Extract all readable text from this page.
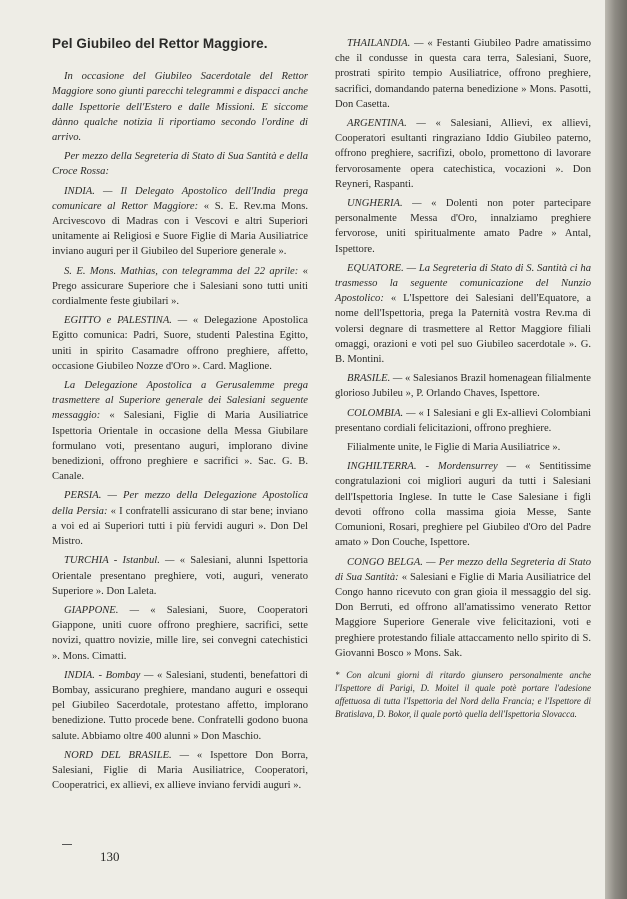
Pel Giubileo del Rettor Maggiore.

In occasione del Giubileo Sacerdotale del Rettor Maggiore sono giunti parecchi telegrammi e dispacci anche dalle Ispettorie dell'Estero e dalle Missioni. E siccome dànno qualche notizia li riportiamo secondo l'ordine di arrivo.

Per mezzo della Segreteria di Stato di Sua Santità e della Croce Rossa:

INDIA. — Il Delegato Apostolico dell'India prega comunicare al Rettor Maggiore: « S. E. Rev.ma Mons. Arcivescovo di Madras con i Vescovi e altri Superiori unitamente ai Religiosi e Suore Figlie di Maria Ausiliatrice inviano auguri per il Giubileo del Superiore generale ».

S. E. Mons. Mathias, con telegramma del 22 aprile: « Prego assicurare Superiore che i Salesiani sono tutti uniti cordialmente feste giubilari ».

EGITTO e PALESTINA. — « Delegazione Apostolica Egitto comunica: Padri, Suore, studenti Palestina Egitto, uniti in spirito Casamadre offrono preghiere, affetto, occasione Giubileo Nozze d'Oro ». Card. Maglione.

La Delegazione Apostolica a Gerusalemme prega trasmettere al Superiore generale dei Salesiani seguente messaggio: « Salesiani, Figlie di Maria Ausiliatrice Ispettoria Orientale in occasione della Messa Giubilare formulano voti, presentano auguri, implorano divine benedizioni, offrono preghiere e sacrifici ». Sac. G. B. Canale.

PERSIA. — Per mezzo della Delegazione Apostolica della Persia: « I confratelli assicurano di star bene; inviano a voi ed ai Superiori tutti i più fervidi auguri ». Don Del Mistro.

TURCHIA - Istanbul. — « Salesiani, alunni Ispettoria Orientale presentano preghiere, voti, auguri, venerato Superiore ». Don Laleta.

GIAPPONE. — « Salesiani, Suore, Cooperatori Giappone, uniti cuore offrono preghiere, sacrifici, sette novizi, quattro novizie, mille lire, sei convegni catechistici ». Mons. Cimatti.

INDIA. - Bombay — « Salesiani, studenti, benefattori di Bombay, assicurano preghiere, mandano auguri e ossequi pel Giubileo Sacerdotale, protestano affetto, implorano benedizione. Tutto procede bene. Confratelli godono buona salute. Abbiamo oltre 400 alunni » Don Maschio.

NORD DEL BRASILE. — « Ispettore Don Borra, Salesiani, Figlie di Maria Ausiliatrice, Cooperatori, Cooperatrici, ex allievi, ex allieve inviano fervidi auguri ».

THAILANDIA. — « Festanti Giubileo Padre amatissimo che il condusse in questa cara terra, Salesiani, Suore, prostrati spirito tempio Ausiliatrice, offrono preghiere, sacrifici, domandando paterna benedizione » Mons. Pasotti, Don Casetta.

ARGENTINA. — « Salesiani, Allievi, ex allievi, Cooperatori esultanti ringraziano Iddio Giubileo paterno, offrono preghiere, sacrifizi, obolo, promettono di lavorare fervorosamente opera catechistica, vocazioni ». Don Reyneri, Raspanti.

UNGHERIA. — « Dolenti non poter partecipare personalmente Messa d'Oro, innalziamo preghiere fervorose, uniti spiritualmente amato Padre » Antal, Ispettore.

EQUATORE. — La Segreteria di Stato di S. Santità ci ha trasmesso la seguente comunicazione del Nunzio Apostolico: « L'Ispettore dei Salesiani dell'Equatore, a nome dell'Ispettoria, prega la Paternità vostra Rev.ma di volersi degnare di trasmettere al Rettor Maggiore filiali omaggi, orazioni e voti pel suo Giubileo sacerdotale ». G. B. Montini.

BRASILE. — « Salesianos Brazil homenagean filialmente glorioso Jubileu », P. Orlando Chaves, Ispettore.

COLOMBIA. — « I Salesiani e gli Ex-allievi Colombiani presentano cordiali felicitazioni, offrono preghiere.

Filialmente unite, le Figlie di Maria Ausiliatrice ».

INGHILTERRA. - Mordensurrey — « Sentitissime congratulazioni coi migliori auguri da tutti i Salesiani dell'Ispettoria Inglese. In tutte le Case Salesiane i figli devoti offrono colla massima gioia Messe, Sante Comunioni, Rosari, preghiere pel Giubileo d'Oro del Padre amato » Don Couche, Ispettore.

CONGO BELGA. — Per mezzo della Segreteria di Stato di Sua Santità: « Salesiani e Figlie di Maria Ausiliatrice del Congo hanno ricevuto con gran gioia il messaggio del sig. Don Berruti, ed offrono all'amatissimo venerato Rettor Maggiore Superiore Generale vive felicitazioni, voti e preghiere protestando filiale attaccamento nello spirito di S. Giovanni Bosco » Mons. Sak.

* Con alcuni giorni di ritardo giunsero personalmente anche l'Ispettore di Parigi, D. Moitel il quale potè portare l'adesione affettuosa di tutta l'Ispettoria del Nord della Francia; e l'Ispettore di Bratislava, D. Bokor, il quale portò quella dell'Ispettoria Slovacca.
130
